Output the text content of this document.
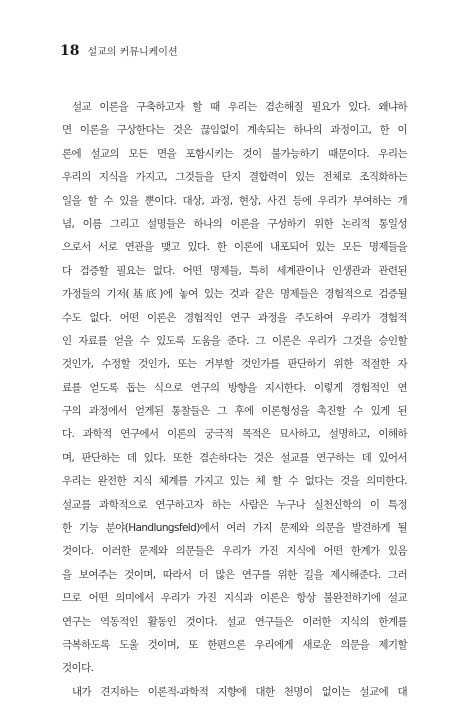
18 설교의 커뮤니케이션
설교 이론을 구축하고자 할 때 우리는 겸손해질 필요가 있다. 왜냐하
면 이론을 구상한다는 것은 끊임없이 계속되는 하나의 과정이고, 한 이
론에 설교의 모든 면을 포함시키는 것이 불가능하기 때문이다. 우리는
우리의 지식을 가지고, 그것들을 단지 결합력이 있는 전체로 조직화하는
일을 할 수 있을 뿐이다. 대상, 과정, 현상, 사건 등에 우리가 부여하는 개
념, 이름 그리고 설명들은 하나의 이론을 구성하기 위한 논리적 통일성
으로서 서로 연관을 맺고 있다. 한 이론에 내포되어 있는 모든 명제들을
다 검증할 필요는 없다. 어떤 명제들, 특히 세계관이나 인생관과 관련된
가정들의 기저(基底)에 놓여 있는 것과 같은 명제들은 경험적으로 검증될
수도 없다. 어떤 이론은 경험적인 연구 과정을 주도하여 우리가 경험적
인 자료를 얻을 수 있도록 도움을 준다. 그 이론은 우리가 그것을 승인할
것인가, 수정할 것인가, 또는 거부할 것인가를 판단하기 위한 적절한 자
료를 얻도록 돕는 식으로 연구의 방향을 지시한다. 이렇게 경험적인 연
구의 과정에서 얻게된 통찰들은 그 후에 이론형성을 촉진할 수 있게 된
다. 과학적 연구에서 이론의 궁극적 목적은 묘사하고, 설명하고, 이해하
며, 판단하는 데 있다. 또한 겸손하다는 것은 설교를 연구하는 데 있어서
우리는 완전한 지식 체계를 가지고 있는 체 할 수 없다는 것을 의미한다.
설교를 과학적으로 연구하고자 하는 사람은 누구나 실천신학의 이 특정
한 기능 분야(Handlungsfeld)에서 여러 가지 문제와 의문을 발견하게 될
것이다. 이러한 문제와 의문들은 우리가 가진 지식에 어떤 한계가 있음
을 보여주는 것이며, 따라서 더 많은 연구를 위한 길을 제시해준다. 그러
므로 어떤 의미에서 우리가 가진 지식과 이론은 항상 불완전하기에 설교
연구는 역동적인 활동인 것이다. 설교 연구들은 이러한 지식의 한계를
극복하도록 도울 것이며, 또 한편으론 우리에게 새로운 의문을 제기할
것이다.
내가 견지하는 이론적-과학적 지향에 대한 천명이 없이는 설교에 대
